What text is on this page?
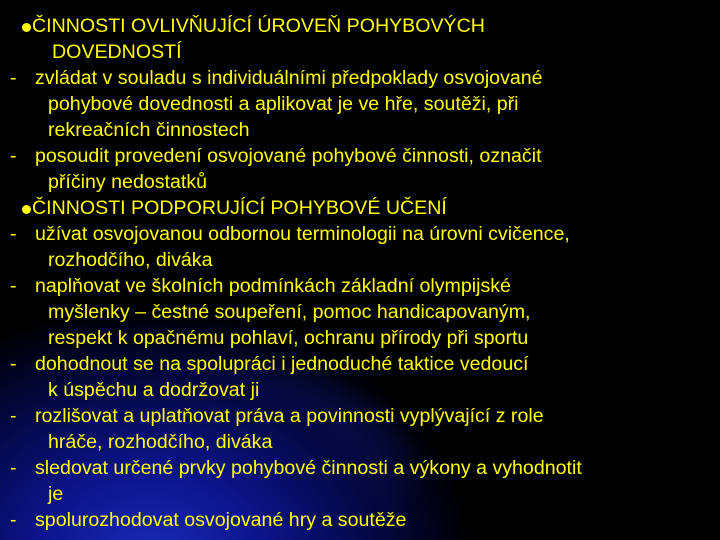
ČINNOSTI OVLIVŇUJÍCÍ ÚROVEŇ POHYBOVÝCH
DOVEDNOSTÍ
- zvládat v souladu s individuálními předpoklady osvojované
pohybové dovednosti a aplikovat je ve hře, soutěži, při
rekreačních činnostech
- posoudit provedení osvojované pohybové činnosti, označit
příčiny nedostatků
ČINNOSTI PODPORUJÍCÍ POHYBOVÉ UČENÍ
- užívat osvojovanou odbornou terminologii na úrovni cvičence,
rozhodčího, diváka
- naplňovat ve školních podmínkách základní olympijské
myšlenky – čestné soupeření, pomoc handicapovaným,
respekt k opačnému pohlaví, ochranu přírody při sportu
- dohodnout se na spolupráci i jednoduché taktice vedoucí
k úspěchu a dodržovat ji
- rozlišovat a uplatňovat práva a povinnosti vyplývající z role
hráče, rozhodčího, diváka
- sledovat určené prvky pohybové činnosti a výkony a vyhodnotit
je
- spolurozhodovat osvojované hry a soutěže
